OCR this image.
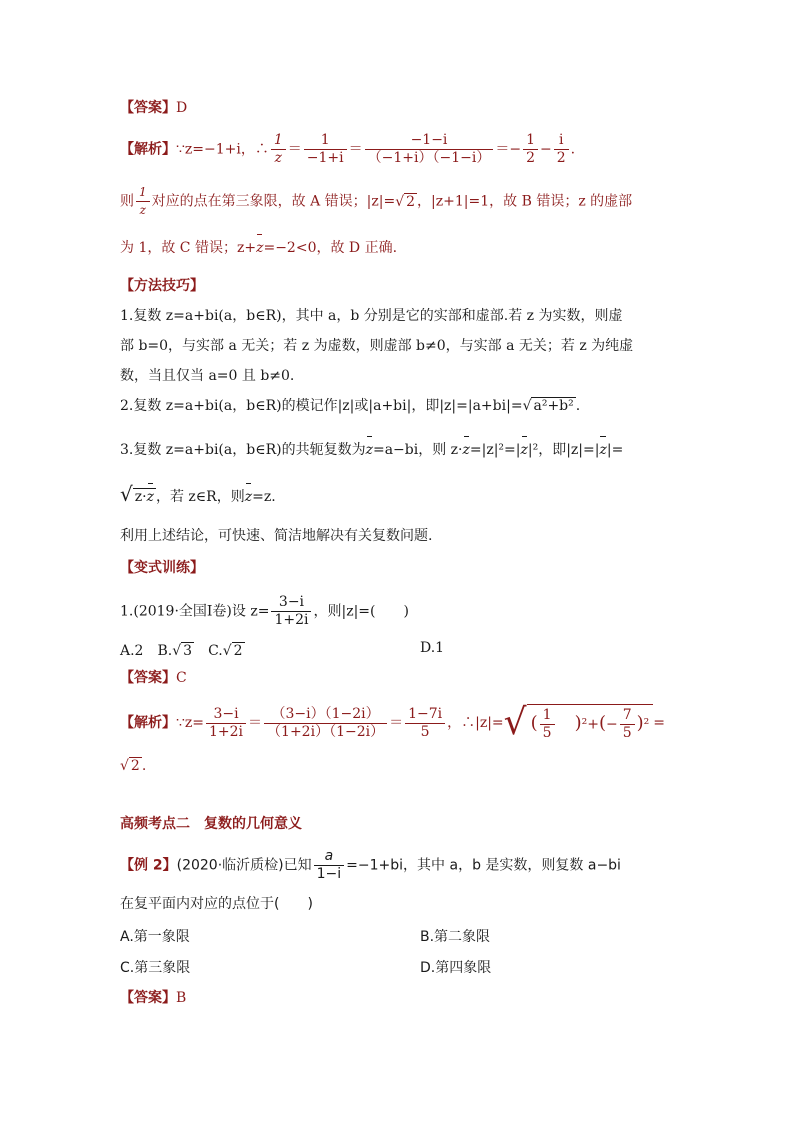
【答案】D
【解析】∵z=−1+i，∴ $\frac{1}{z} = \frac{1}{-1+i} = \frac{-1-i}{(-1+i)(-1-i)} =- \frac{1}{2} - \frac{i}{2}$ .
则 $\frac{1}{z}$ 对应的点在第三象限，故 A 错误；|z|=√ 2 ，|z+1|=1，故 B 错误；z 的虚部
为 1，故 C 错误；z+z=−2<0，故 D 正确.
【方法技巧】
1.复数 z=a+bi(a，b∈R)，其中 a，b 分别是它的实部和虚部.若 z 为实数，则虚
部 b=0，与实部 a 无关；若 z 为虚数，则虚部 b≠0，与实部 a 无关；若 z 为纯虚
数，当且仅当 a=0 且 b≠0.
2.复数 z=a+bi(a，b∈R)的模记作|z|或|a+bi|，即|z|=|a+bi|=√ a²+b² .
3.复数 z=a+bi(a，b∈R)的共轭复数为z=a−bi，则 z·z=|z|²=|z|²，即|z|=|z|=
√ z·z ，若 z∈R，则z=z.
利用上述结论，可快速、简洁地解决有关复数问题.
【变式训练】
1.(2019·全国Ⅰ卷)设 $z= \frac{3-i}{1+2i}$ ，则|z|=(　　)
A.2　 B.√ 3　 C.√ 2	D.1
【答案】C
【解析】∵z= $\frac{3-i}{1+2i} = \frac{(3-i)(1-2i)}{(1+2i)(1-2i)} = \frac{1-7i}{5}$ ，∴|z|=√ ( $\frac{1}{5}$ 　)$^2+(- \frac{7}{5} )^2$ =
√ 2 .
高频考点二　复数的几何意义
【例 2】(2020·临沂质检)已知 $\frac{a}{1-i} =-1+bi$，其中 a，b 是实数，则复数 a−bi
在复平面内对应的点位于(　　)
A.第一象限	B.第二象限
C.第三象限	D.第四象限
【答案】B
